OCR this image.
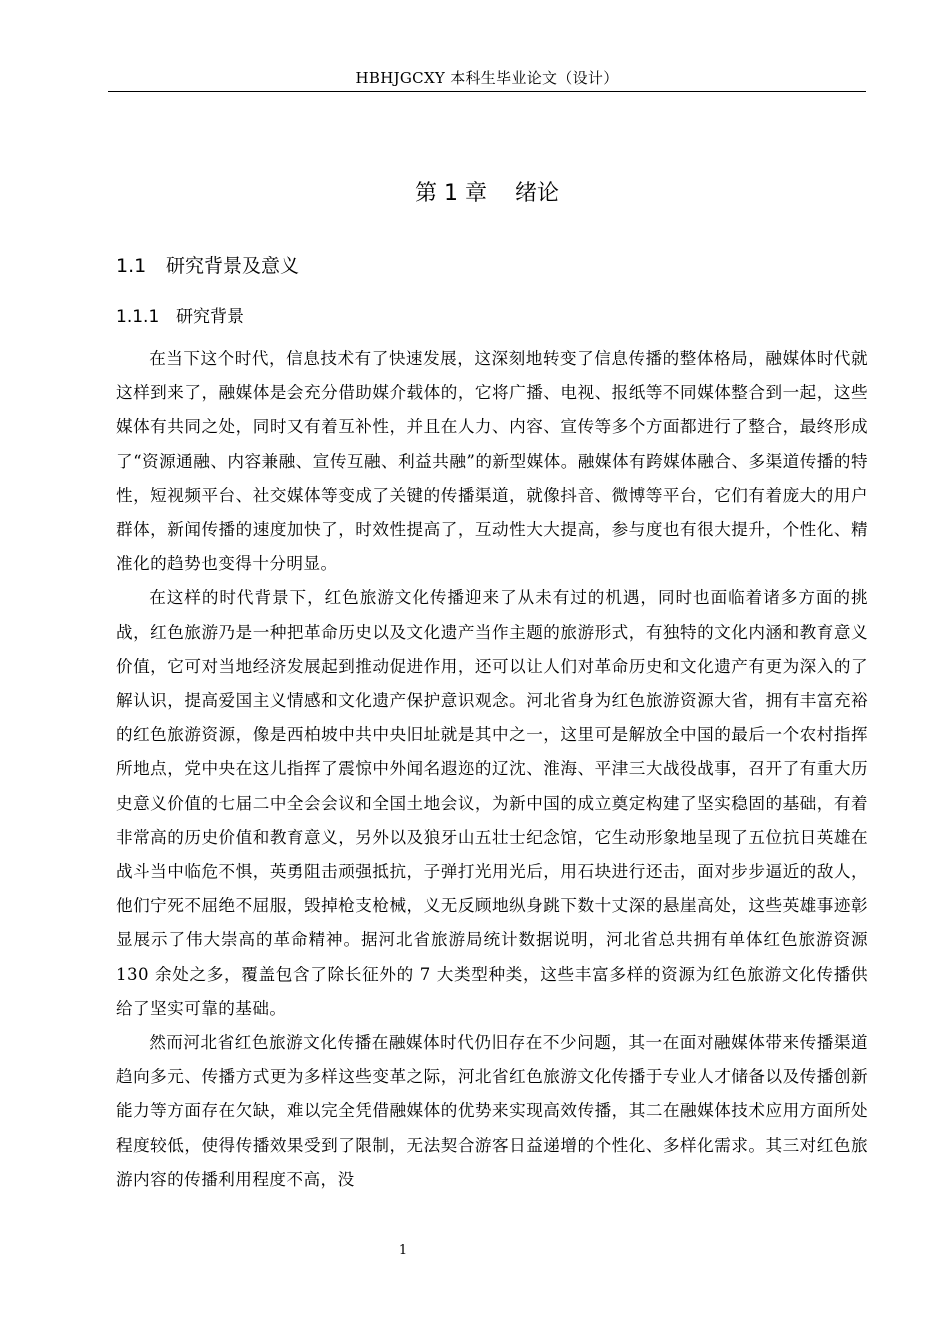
HBHJGCXY 本科生毕业论文（设计）
第 1 章 绪论
1.1 研究背景及意义
1.1.1 研究背景

在当下这个时代，信息技术有了快速发展，这深刻地转变了信息传播的整体格局，融媒体时代就这样到来了，融媒体是会充分借助媒介载体的，它将广播、电视、报纸等不同媒体整合到一起，这些媒体有共同之处，同时又有着互补性，并且在人力、内容、宣传等多个方面都进行了整合，最终形成了“资源通融、内容兼融、宣传互融、利益共融”的新型媒体。融媒体有跨媒体融合、多渠道传播的特性，短视频平台、社交媒体等变成了关键的传播渠道，就像抖音、微博等平台，它们有着庞大的用户群体，新闻传播的速度加快了，时效性提高了，互动性大大提高，参与度也有很大提升，个性化、精准化的趋势也变得十分明显。

在这样的时代背景下，红色旅游文化传播迎来了从未有过的机遇，同时也面临着诸多方面的挑战，红色旅游乃是一种把革命历史以及文化遗产当作主题的旅游形式，有独特的文化内涵和教育意义价值，它可对当地经济发展起到推动促进作用，还可以让人们对革命历史和文化遗产有更为深入的了解认识，提高爱国主义情感和文化遗产保护意识观念。河北省身为红色旅游资源大省，拥有丰富充裕的红色旅游资源，像是西柏坡中共中央旧址就是其中之一，这里可是解放全中国的最后一个农村指挥所地点，党中央在这儿指挥了震惊中外闻名遐迩的辽沈、淮海、平津三大战役战事，召开了有重大历史意义价值的七届二中全会会议和全国土地会议，为新中国的成立奠定构建了坚实稳固的基础，有着非常高的历史价值和教育意义，另外以及狼牙山五壮士纪念馆，它生动形象地呈现了五位抗日英雄在战斗当中临危不惧，英勇阻击顽强抵抗，子弹打光用光后，用石块进行还击，面对步步逼近的敌人，他们宁死不屈绝不屈服，毁掉枪支枪械，义无反顾地纵身跳下数十丈深的悬崖高处，这些英雄事迹彰显展示了伟大崇高的革命精神。据河北省旅游局统计数据说明，河北省总共拥有单体红色旅游资源 130 余处之多，覆盖包含了除长征外的 7 大类型种类，这些丰富多样的资源为红色旅游文化传播供给了坚实可靠的基础。

然而河北省红色旅游文化传播在融媒体时代仍旧存在不少问题，其一在面对融媒体带来传播渠道趋向多元、传播方式更为多样这些变革之际，河北省红色旅游文化传播于专业人才储备以及传播创新能力等方面存在欠缺，难以完全凭借融媒体的优势来实现高效传播，其二在融媒体技术应用方面所处程度较低，使得传播效果受到了限制，无法契合游客日益递增的个性化、多样化需求。其三对红色旅游内容的传播利用程度不高，没

1
